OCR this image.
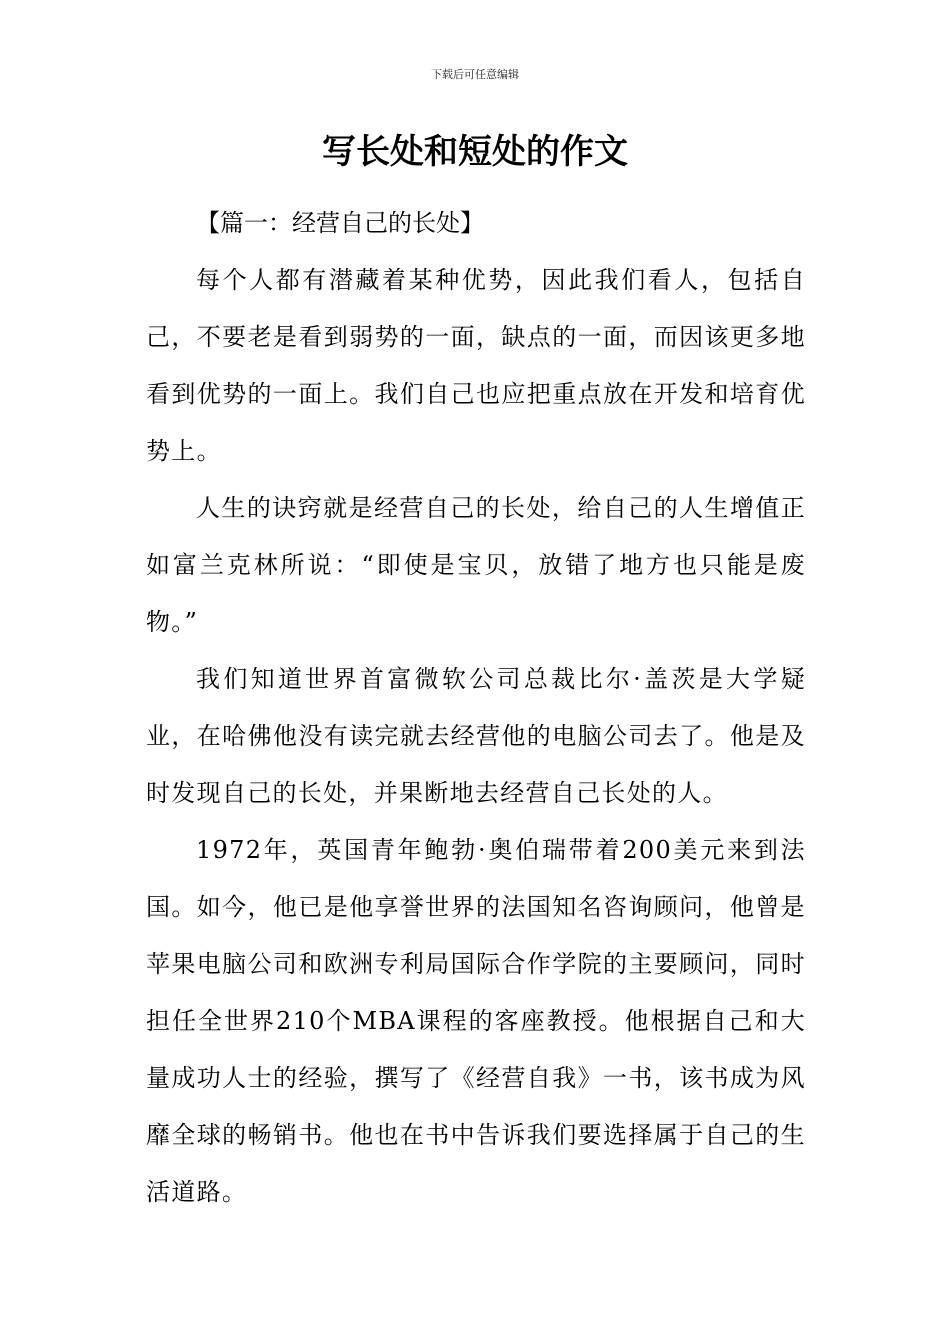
下载后可任意编辑
写长处和短处的作文

【篇一：经营自己的长处】

每个人都有潜藏着某种优势，因此我们看人，包括自己，不要老是看到弱势的一面，缺点的一面，而因该更多地看到优势的一面上。我们自己也应把重点放在开发和培育优势上。

人生的诀窍就是经营自己的长处，给自己的人生增值正如富兰克林所说：“即使是宝贝，放错了地方也只能是废物。”

我们知道世界首富微软公司总裁比尔·盖茨是大学疑业，在哈佛他没有读完就去经营他的电脑公司去了。他是及时发现自己的长处，并果断地去经营自己长处的人。

1972年，英国青年鲍勃·奥伯瑞带着200美元来到法国。如今，他已是他享誉世界的法国知名咨询顾问，他曾是苹果电脑公司和欧洲专利局国际合作学院的主要顾问，同时担任全世界210个MBA课程的客座教授。他根据自己和大量成功人士的经验，撰写了《经营自我》一书，该书成为风靡全球的畅销书。他也在书中告诉我们要选择属于自己的生活道路。
